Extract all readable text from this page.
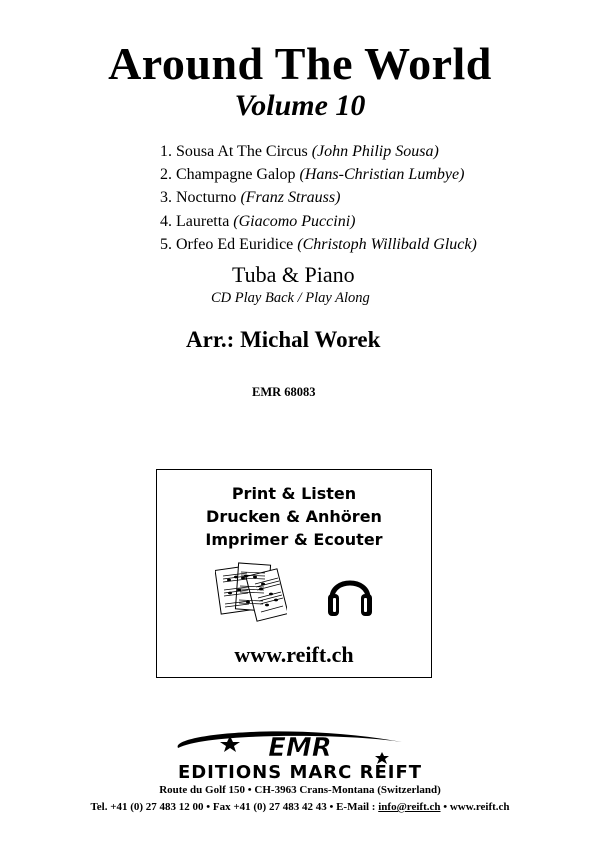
Around The World
Volume 10
1. Sousa At The Circus (John Philip Sousa)
2. Champagne Galop (Hans-Christian Lumbye)
3. Nocturno (Franz Strauss)
4. Lauretta (Giacomo Puccini)
5. Orfeo Ed Euridice (Christoph Willibald Gluck)
Tuba & Piano
CD Play Back / Play Along
Arr.: Michal Worek
EMR 68083
Print & Listen
Drucken & Anhören
Imprimer & Ecouter
www.reift.ch
EMR
EDITIONS MARC REIFT
Route du Golf 150 • CH-3963 Crans-Montana (Switzerland)
Tel. +41 (0) 27 483 12 00 • Fax +41 (0) 27 483 42 43 • E-Mail : info@reift.ch • www.reift.ch
